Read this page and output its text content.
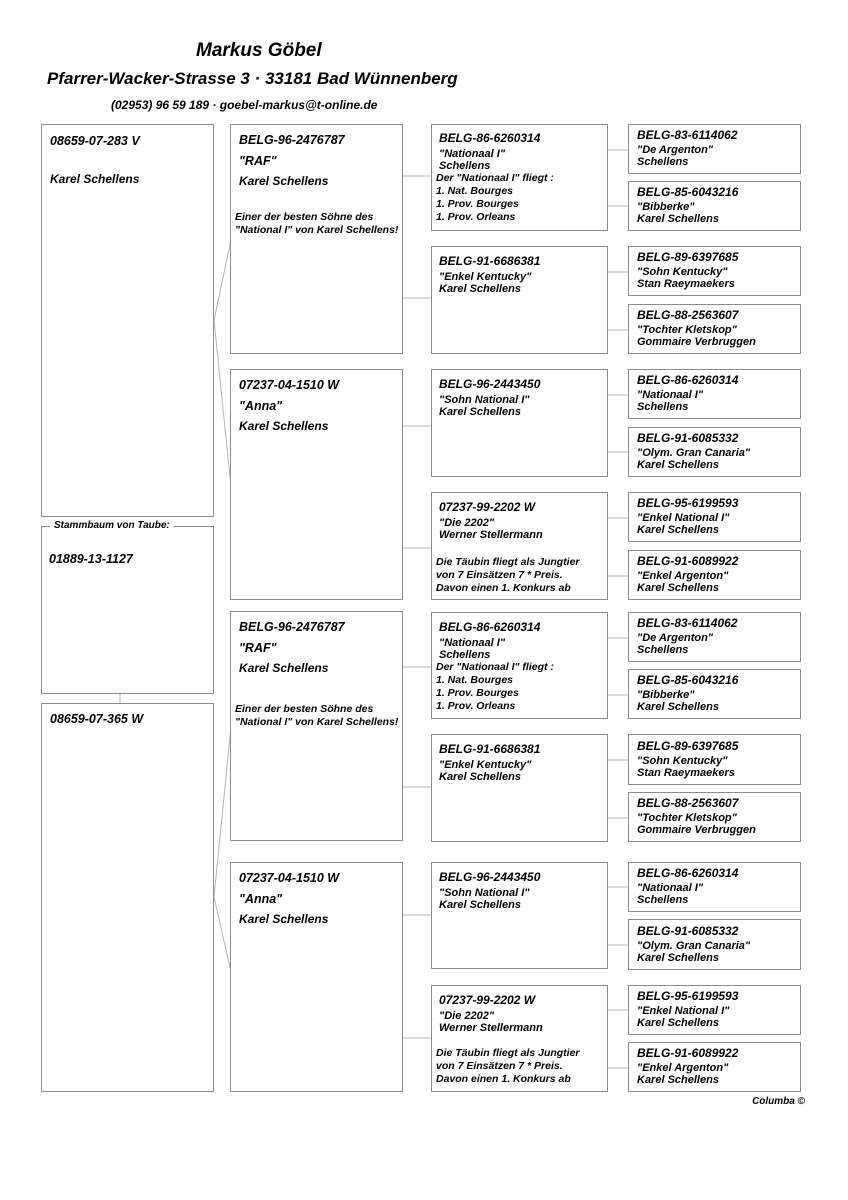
Markus Göbel
Pfarrer-Wacker-Strasse 3 · 33181 Bad Wünnenberg
(02953) 96 59 189 · goebel-markus@t-online.de
08659-07-283 V
Karel Schellens
01889-13-1127
Stammbaum von Taube:
08659-07-365 W
BELG-96-2476787
"RAF"
Karel Schellens
Einer der besten Söhne des
"National I" von Karel Schellens!
07237-04-1510 W
"Anna"
Karel Schellens
BELG-96-2476787
"RAF"
Karel Schellens
Einer der besten Söhne des
"National I" von Karel Schellens!
07237-04-1510 W
"Anna"
Karel Schellens
BELG-86-6260314
"Nationaal I"
Schellens
Der "Nationaal I" fliegt :
1. Nat. Bourges
1. Prov. Bourges
1. Prov. Orleans
BELG-91-6686381
"Enkel Kentucky"
Karel Schellens
BELG-96-2443450
"Sohn National I"
Karel Schellens
07237-99-2202 W
"Die 2202"
Werner Stellermann
Die Täubin fliegt als Jungtier
von 7 Einsätzen 7 * Preis.
Davon einen 1. Konkurs ab
BELG-86-6260314
"Nationaal I"
Schellens
Der "Nationaal I" fliegt :
1. Nat. Bourges
1. Prov. Bourges
1. Prov. Orleans
BELG-91-6686381
"Enkel Kentucky"
Karel Schellens
BELG-96-2443450
"Sohn National I"
Karel Schellens
07237-99-2202 W
"Die 2202"
Werner Stellermann
Die Täubin fliegt als Jungtier
von 7 Einsätzen 7 * Preis.
Davon einen 1. Konkurs ab
BELG-83-6114062
"De Argenton"
Schellens
BELG-85-6043216
"Bibberke"
Karel Schellens
BELG-89-6397685
"Sohn Kentucky"
Stan Raeymaekers
BELG-88-2563607
"Tochter Kletskop"
Gommaire Verbruggen
BELG-86-6260314
"Nationaal I"
Schellens
BELG-91-6085332
"Olym. Gran Canaria"
Karel Schellens
BELG-95-6199593
"Enkel National I"
Karel Schellens
BELG-91-6089922
"Enkel Argenton"
Karel Schellens
BELG-83-6114062
"De Argenton"
Schellens
BELG-85-6043216
"Bibberke"
Karel Schellens
BELG-89-6397685
"Sohn Kentucky"
Stan Raeymaekers
BELG-88-2563607
"Tochter Kletskop"
Gommaire Verbruggen
BELG-86-6260314
"Nationaal I"
Schellens
BELG-91-6085332
"Olym. Gran Canaria"
Karel Schellens
BELG-95-6199593
"Enkel National I"
Karel Schellens
BELG-91-6089922
"Enkel Argenton"
Karel Schellens
Columba ©
